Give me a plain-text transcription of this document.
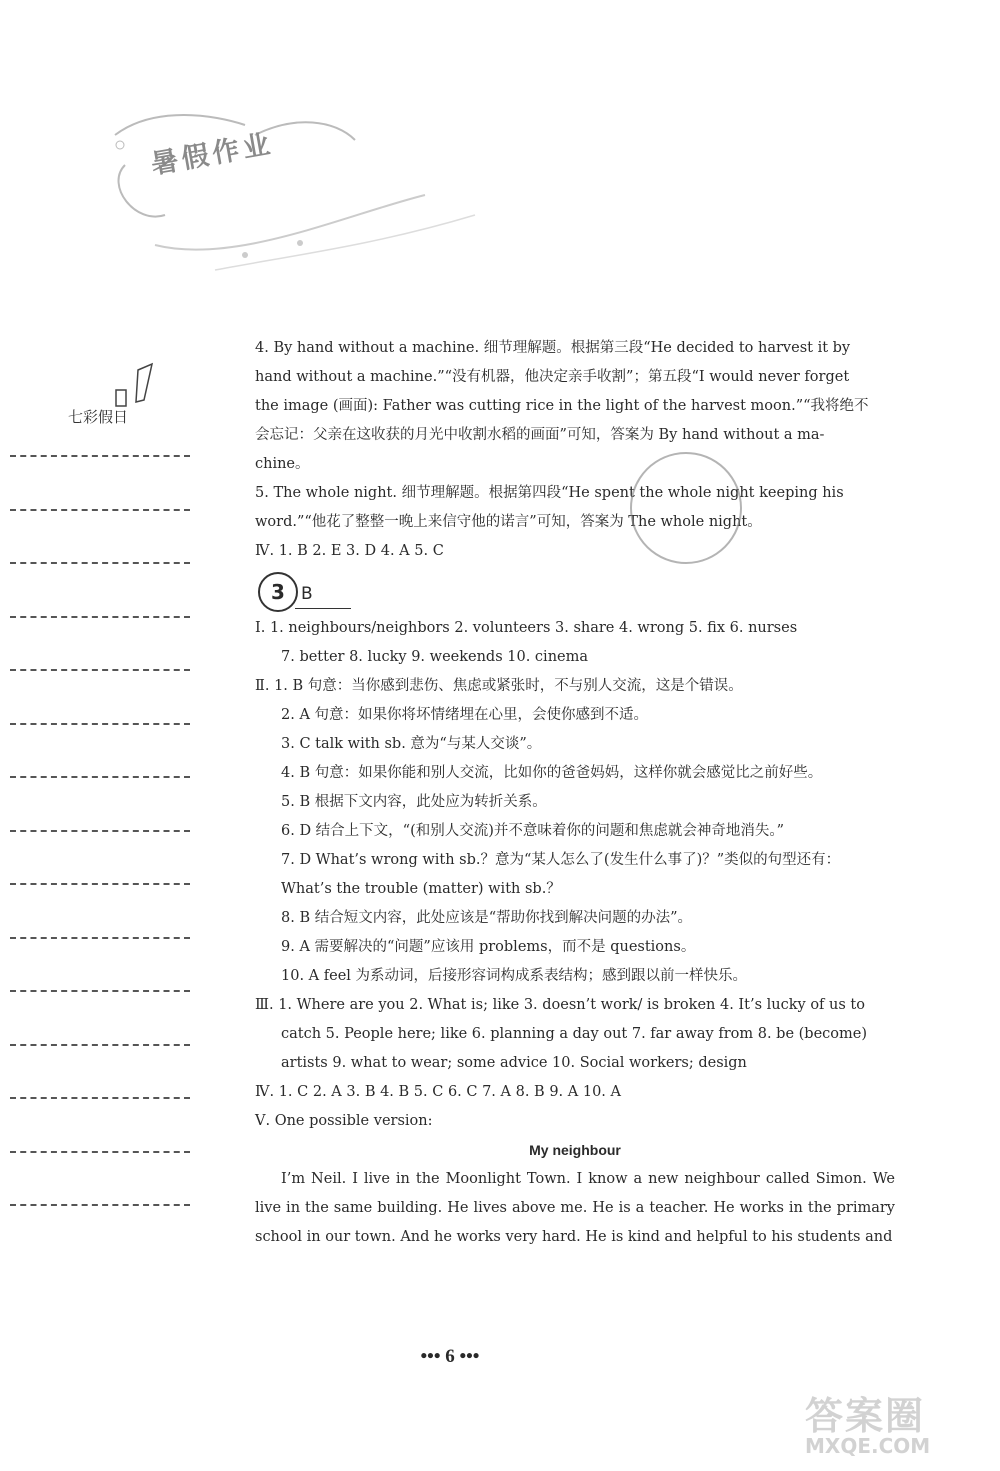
暑假作业
七彩假日
4. By hand without a machine. 细节理解题。根据第三段“He decided to harvest it by
hand without a machine.”“没有机器，他决定亲手收割”；第五段“I would never forget
the image (画面): Father was cutting rice in the light of the harvest moon.”“我将绝不
会忘记：父亲在这收获的月光中收割水稻的画面”可知，答案为 By hand without a ma-
chine。
5. The whole night. 细节理解题。根据第四段“He spent the whole night keeping his
word.”“他花了整整一晚上来信守他的诺言”可知，答案为 The whole night。
Ⅳ. 1. B 2. E 3. D 4. A 5. C
3 B
Ⅰ. 1. neighbours/neighbors 2. volunteers 3. share 4. wrong 5. fix 6. nurses
7. better 8. lucky 9. weekends 10. cinema
Ⅱ. 1. B 句意：当你感到悲伤、焦虑或紧张时，不与别人交流，这是个错误。
2. A 句意：如果你将坏情绪埋在心里，会使你感到不适。
3. C talk with sb. 意为“与某人交谈”。
4. B 句意：如果你能和别人交流，比如你的爸爸妈妈，这样你就会感觉比之前好些。
5. B 根据下文内容，此处应为转折关系。
6. D 结合上下文，“(和别人交流)并不意味着你的问题和焦虑就会神奇地消失。”
7. D What’s wrong with sb.？意为“某人怎么了(发生什么事了)？”类似的句型还有：
What’s the trouble (matter) with sb.？
8. B 结合短文内容，此处应该是“帮助你找到解决问题的办法”。
9. A 需要解决的“问题”应该用 problems，而不是 questions。
10. A feel 为系动词，后接形容词构成系表结构；感到跟以前一样快乐。
Ⅲ. 1. Where are you 2. What is; like 3. doesn’t work/ is broken 4. It’s lucky of us to
catch 5. People here; like 6. planning a day out 7. far away from 8. be (become)
artists 9. what to wear; some advice 10. Social workers; design
Ⅳ. 1. C 2. A 3. B 4. B 5. C 6. C 7. A 8. B 9. A 10. A
Ⅴ. One possible version:
My neighbour
I’m Neil. I live in the Moonlight Town. I know a new neighbour called Simon. We live in the same building. He lives above me. He is a teacher. He works in the primary school in our town. And he works very hard. He is kind and helpful to his students and
••• 6 •••
答案圈
MXQE.COM
